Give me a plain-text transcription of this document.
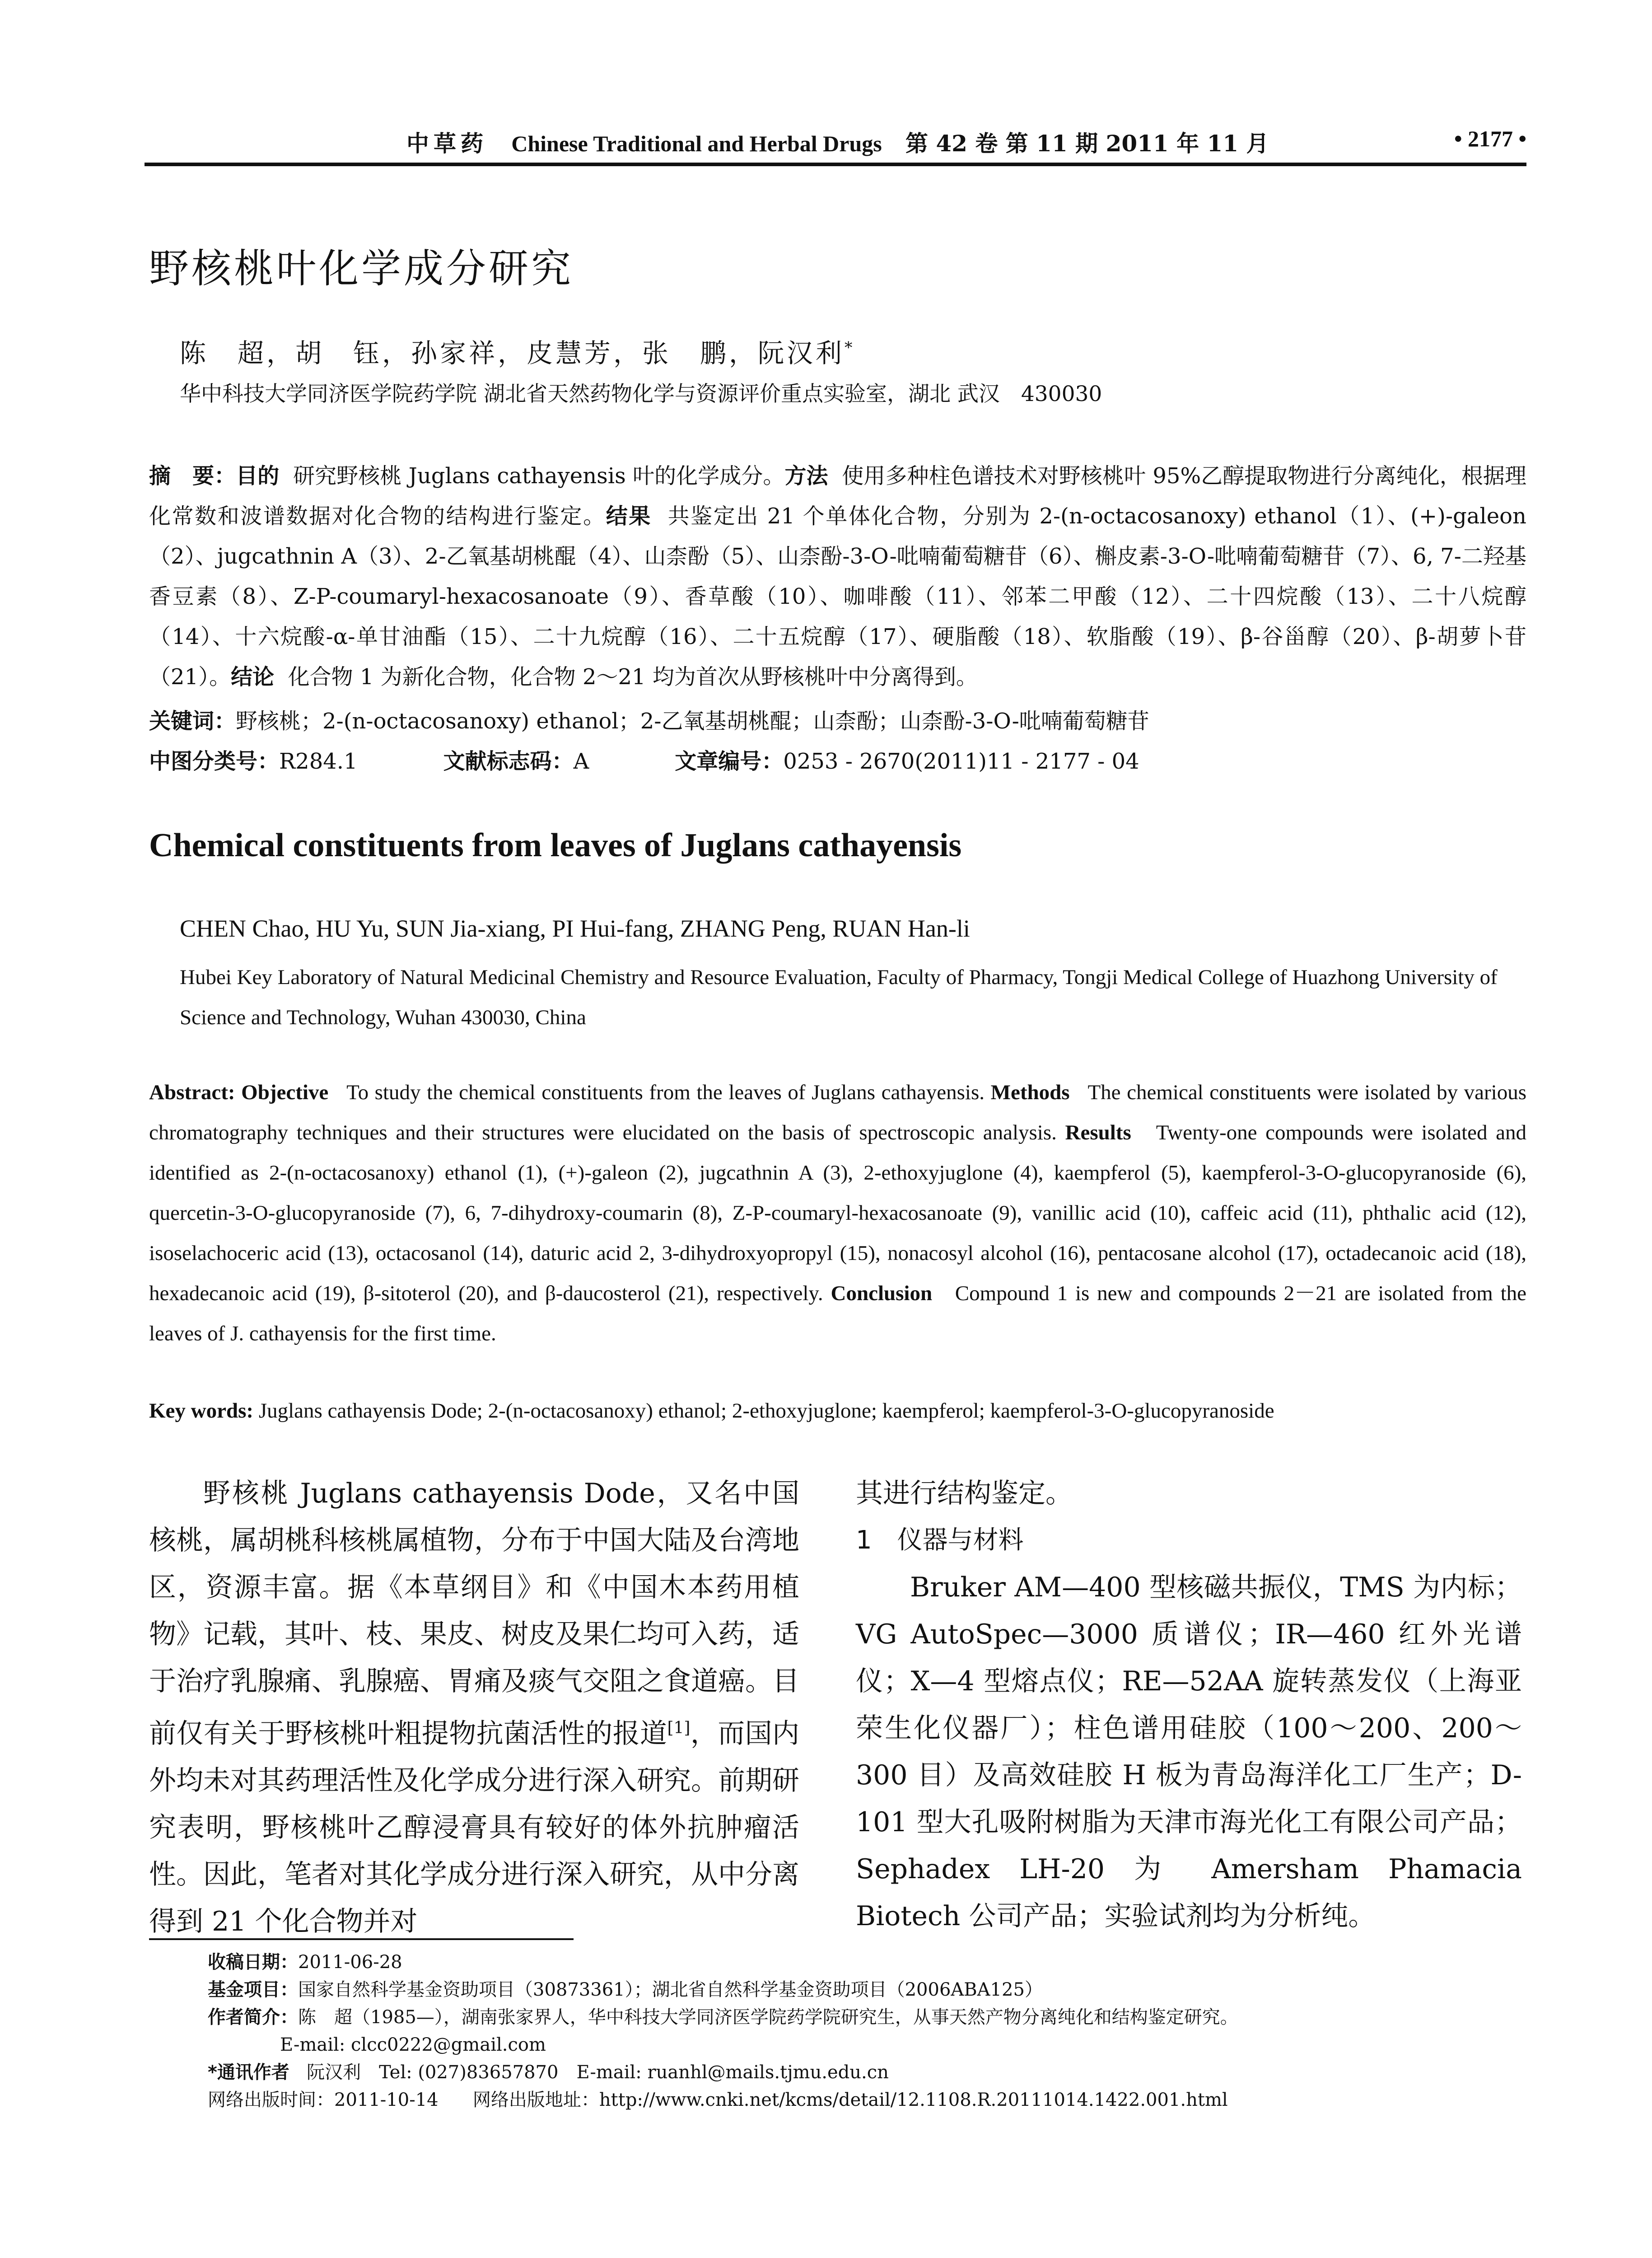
中草药 Chinese Traditional and Herbal Drugs 第 42 卷 第 11 期 2011 年 11 月	• 2177 •
野核桃叶化学成分研究
陈　超，胡　钰，孙家祥，皮慧芳，张　鹏，阮汉利*
华中科技大学同济医学院药学院 湖北省天然药物化学与资源评价重点实验室，湖北 武汉　430030
摘　要：目的 研究野核桃 Juglans cathayensis 叶的化学成分。方法 使用多种柱色谱技术对野核桃叶 95%乙醇提取物进行分离纯化，根据理化常数和波谱数据对化合物的结构进行鉴定。结果 共鉴定出 21 个单体化合物，分别为 2-(n-octacosanoxy) ethanol（1）、(+)-galeon（2）、jugcathnin A（3）、2-乙氧基胡桃醌（4）、山柰酚（5）、山柰酚-3-O-吡喃葡萄糖苷（6）、槲皮素-3-O-吡喃葡萄糖苷（7）、6, 7-二羟基香豆素（8）、Z-P-coumaryl-hexacosanoate（9）、香草酸（10）、咖啡酸（11）、邻苯二甲酸（12）、二十四烷酸（13）、二十八烷醇（14）、十六烷酸-α-单甘油酯（15）、二十九烷醇（16）、二十五烷醇（17）、硬脂酸（18）、软脂酸（19）、β-谷甾醇（20）、β-胡萝卜苷（21）。结论 化合物 1 为新化合物，化合物 2～21 均为首次从野核桃叶中分离得到。
关键词：野核桃；2-(n-octacosanoxy) ethanol；2-乙氧基胡桃醌；山柰酚；山柰酚-3-O-吡喃葡萄糖苷
中图分类号：R284.1	文献标志码：A	文章编号：0253 - 2670(2011)11 - 2177 - 04
Chemical constituents from leaves of Juglans cathayensis
CHEN Chao, HU Yu, SUN Jia-xiang, PI Hui-fang, ZHANG Peng, RUAN Han-li
Hubei Key Laboratory of Natural Medicinal Chemistry and Resource Evaluation, Faculty of Pharmacy, Tongji Medical College of Huazhong University of Science and Technology, Wuhan 430030, China
Abstract: Objective To study the chemical constituents from the leaves of Juglans cathayensis. Methods The chemical constituents were isolated by various chromatography techniques and their structures were elucidated on the basis of spectroscopic analysis. Results Twenty-one compounds were isolated and identified as 2-(n-octacosanoxy) ethanol (1), (+)-galeon (2), jugcathnin A (3), 2-ethoxyjuglone (4), kaempferol (5), kaempferol-3-O-glucopyranoside (6), quercetin-3-O-glucopyranoside (7), 6, 7-dihydroxy-coumarin (8), Z-P-coumaryl-hexacosanoate (9), vanillic acid (10), caffeic acid (11), phthalic acid (12), isoselachoceric acid (13), octacosanol (14), daturic acid 2, 3-dihydroxyopropyl (15), nonacosyl alcohol (16), pentacosane alcohol (17), octadecanoic acid (18), hexadecanoic acid (19), β-sitoterol (20), and β-daucosterol (21), respectively. Conclusion Compound 1 is new and compounds 2－21 are isolated from the leaves of J. cathayensis for the first time.
Key words: Juglans cathayensis Dode; 2-(n-octacosanoxy) ethanol; 2-ethoxyjuglone; kaempferol; kaempferol-3-O-glucopyranoside
野核桃 Juglans cathayensis Dode，又名中国核桃，属胡桃科核桃属植物，分布于中国大陆及台湾地区，资源丰富。据《本草纲目》和《中国木本药用植物》记载，其叶、枝、果皮、树皮及果仁均可入药，适于治疗乳腺痛、乳腺癌、胃痛及痰气交阻之食道癌。目前仅有关于野核桃叶粗提物抗菌活性的报道[1]，而国内外均未对其药理活性及化学成分进行深入研究。前期研究表明，野核桃叶乙醇浸膏具有较好的体外抗肿瘤活性。因此，笔者对其化学成分进行深入研究，从中分离得到 21 个化合物并对
其进行结构鉴定。
1　仪器与材料
Bruker AM—400 型核磁共振仪，TMS 为内标；VG AutoSpec—3000 质谱仪；IR—460 红外光谱仪；X—4 型熔点仪；RE—52AA 旋转蒸发仪（上海亚荣生化仪器厂）；柱色谱用硅胶（100～200、200～300 目）及高效硅胶 H 板为青岛海洋化工厂生产；D-101 型大孔吸附树脂为天津市海光化工有限公司产品；Sephadex LH-20 为 Amersham Phamacia Biotech 公司产品；实验试剂均为分析纯。
收稿日期：2011-06-28
基金项目：国家自然科学基金资助项目（30873361）；湖北省自然科学基金资助项目（2006ABA125）
作者简介：陈　超（1985—），湖南张家界人，华中科技大学同济医学院药学院研究生，从事天然产物分离纯化和结构鉴定研究。
E-mail: clcc0222@gmail.com
*通讯作者 阮汉利　Tel: (027)83657870　E-mail: ruanhl@mails.tjmu.edu.cn
网络出版时间：2011-10-14 网络出版地址：http://www.cnki.net/kcms/detail/12.1108.R.20111014.1422.001.html
